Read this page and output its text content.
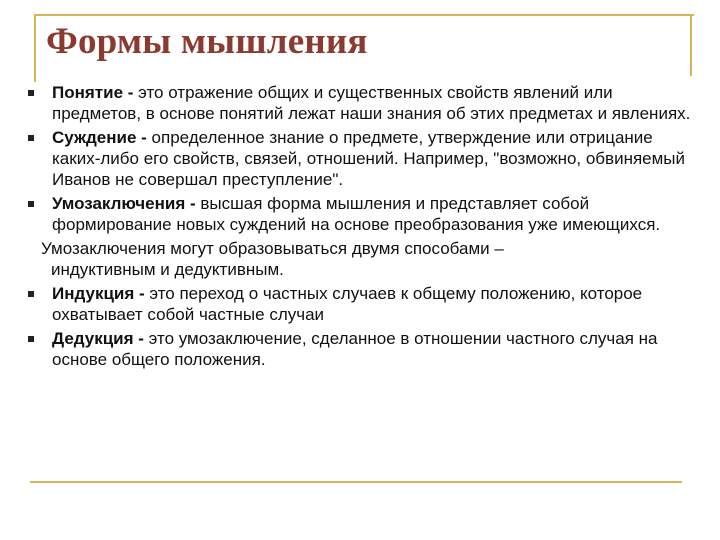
Формы мышления
Понятие - это отражение общих и существенных свойств явлений или предметов, в основе понятий лежат наши знания об этих предметах и явлениях.
Суждение - определенное знание о предмете, утверждение или отрицание каких-либо его свойств, связей, отношений. Например, "возможно, обвиняемый Иванов не совершал преступление".
Умозаключения - высшая форма мышления и представляет собой формирование новых суждений на основе преобразования уже имеющихся.
Умозаключения могут образовываться двумя способами –
индуктивным и дедуктивным.
Индукция - это переход о частных случаев к общему положению, которое охватывает собой частные случаи
Дедукция - это умозаключение, сделанное в отношении частного случая на основе общего положения.
